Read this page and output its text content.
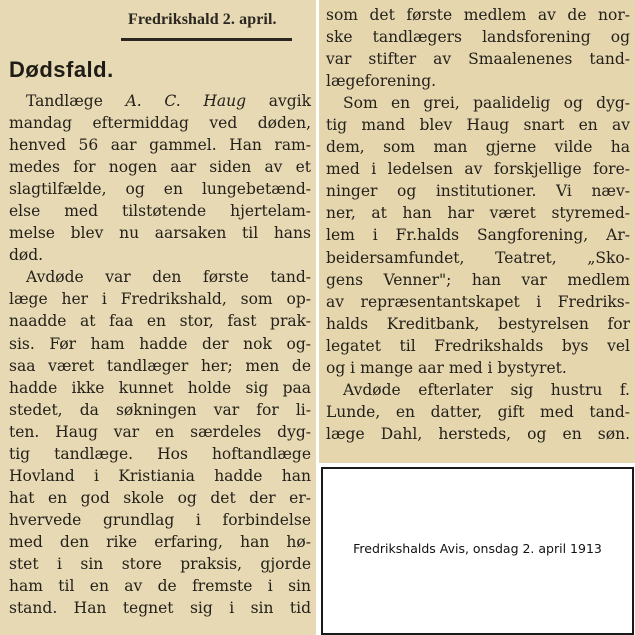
Fredrikshald 2. april.
Dødsfald.
Tandlæge A. C. Haug avgik
mandag eftermiddag ved døden,
henved 56 aar gammel. Han ram-
medes for nogen aar siden av et
slagtilfælde, og en lungebetænd-
else med tilstøtende hjertelam-
melse blev nu aarsaken til hans
død.
Avdøde var den første tand-
læge her i Fredrikshald, som op-
naadde at faa en stor, fast prak-
sis. Før ham hadde der nok og-
saa været tandlæger her; men de
hadde ikke kunnet holde sig paa
stedet, da søkningen var for li-
ten. Haug var en særdeles dyg-
tig tandlæge. Hos hoftandlæge
Hovland i Kristiania hadde han
hat en god skole og det der er-
hvervede grundlag i forbindelse
med den rike erfaring, han hø-
stet i sin store praksis, gjorde
ham til en av de fremste i sin
stand. Han tegnet sig i sin tid
som det første medlem av de nor-
ske tandlægers landsforening og
var stifter av Smaalenenes tand-
lægeforening.
Som en grei, paalidelig og dyg-
tig mand blev Haug snart en av
dem, som man gjerne vilde ha
med i ledelsen av forskjellige fore-
ninger og institutioner. Vi næv-
ner, at han har været styremed-
lem i Fr.halds Sangforening, Ar-
beidersamfundet, Teatret, „Sko-
gens Venner"; han var medlem
av repræsentantskapet i Fredriks-
halds Kreditbank, bestyrelsen for
legatet til Fredrikshalds bys vel
og i mange aar med i bystyret.
Avdøde efterlater sig hustru f.
Lunde, en datter, gift med tand-
læge Dahl, hersteds, og en søn.
Fredrikshalds Avis, onsdag 2. april 1913
